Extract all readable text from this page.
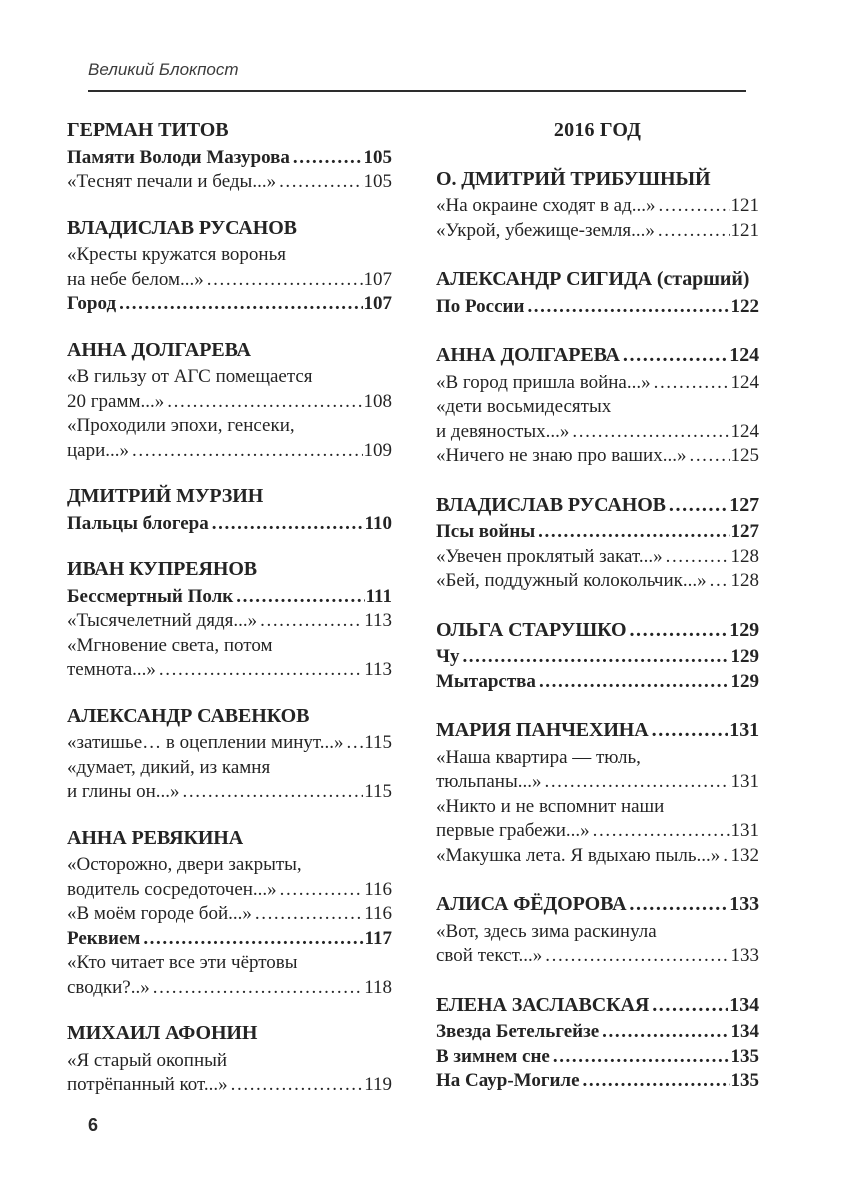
Великий Блокпост
ГЕРМАН ТИТОВ
Памяти Володи Мазурова .....	105
«Теснят печали и беды...» .....	105
ВЛАДИСЛАВ РУСАНОВ
«Кресты кружатся воронья
на небе белом...» .....	107
Город .....	107
АННА ДОЛГАРЕВА
«В гильзу от АГС помещается
20 грамм...» .....	108
«Проходили эпохи, генсеки,
цари...» .....	109
ДМИТРИЙ МУРЗИН
Пальцы блогера .....	110
ИВАН КУПРЕЯНОВ
Бессмертный Полк .....	111
«Тысячелетний дядя...» .....	113
«Мгновение света, потом
темнота...» .....	113
АЛЕКСАНДР САВЕНКОВ
«затишье… в оцеплении минут...» ..... 115
«думает, дикий, из камня
и глины он...» .....	115
АННА РЕВЯКИНА
«Осторожно, двери закрыты,
водитель сосредоточен...» .....	116
«В моём городе бой...» .....	116
Реквием .....	117
«Кто читает все эти чёртовы
сводки?..» .....	118
МИХАИЛ АФОНИН
«Я старый окопный
потрёпанный кот...» .....	119
2016 ГОД
О. ДМИТРИЙ ТРИБУШНЫЙ
«На окраине сходят в ад...» .....	121
«Укрой, убежище-земля...» .....	121
АЛЕКСАНДР СИГИДА (старший)
По России .....	122
АННА ДОЛГАРЕВА .....	124
«В город пришла война...» .....	124
«дети восьмидесятых
и девяностых...» .....	124
«Ничего не знаю про ваших...» ..... 125
ВЛАДИСЛАВ РУСАНОВ .....	127
Псы войны .....	127
«Увечен проклятый закат...» .....	128
«Бей, поддужный колокольчик...» ..... 128
ОЛЬГА СТАРУШКО .....	129
Чу .....	129
Мытарства .....	129
МАРИЯ ПАНЧЕХИНА .....	131
«Наша квартира — тюль,
тюльпаны...» .....	131
«Никто и не вспомнит наши
первые грабежи...» .....	131
«Макушка лета. Я вдыхаю пыль...» ..... 132
АЛИСА ФЁДОРОВА .....	133
«Вот, здесь зима раскинула
свой текст...» .....	133
ЕЛЕНА ЗАСЛАВСКАЯ .....	134
Звезда Бетельгейзе .....	134
В зимнем сне .....	135
На Саур-Могиле .....	135
6
